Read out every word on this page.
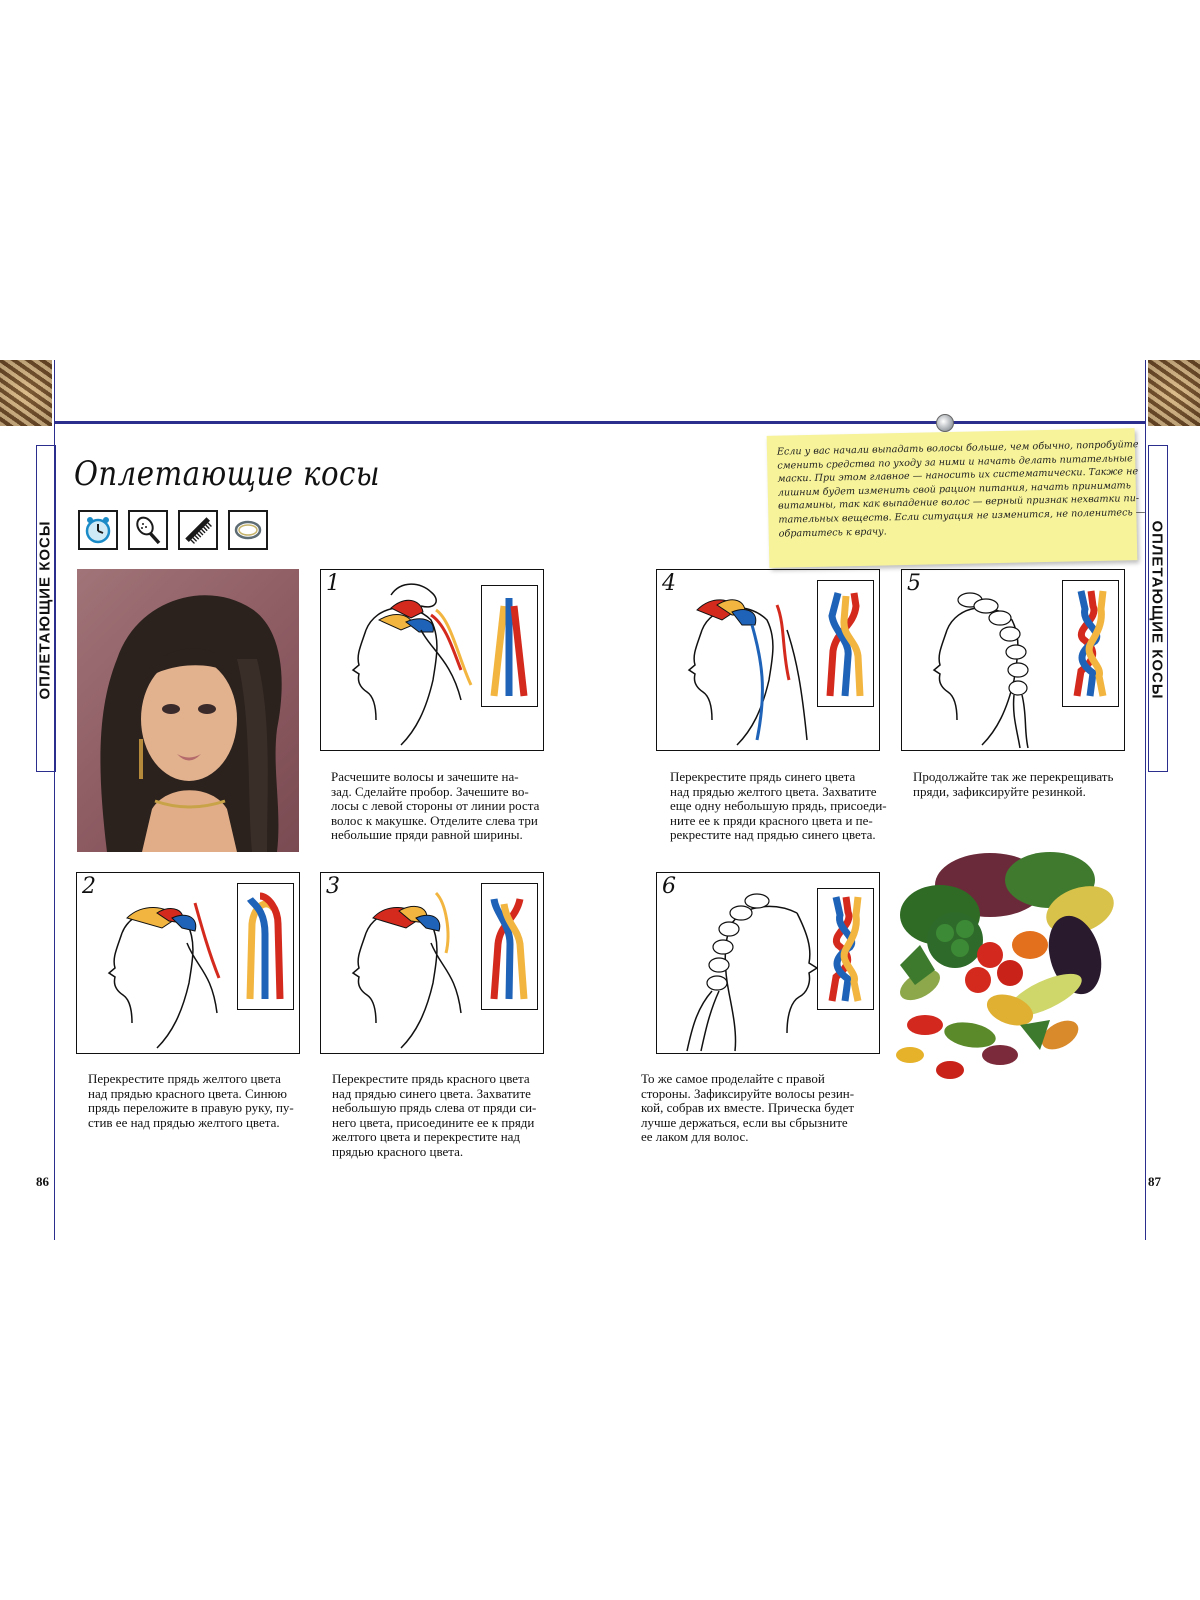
ОПЛЕТАЮЩИЕ КОСЫ	ОПЛЕТАЮЩИЕ КОСЫ
Оплетающие косы
1
Расчешите волосы и зачешите на-
зад. Сделайте пробор. Зачешите во-
лосы с левой стороны от линии роста
волос к макушке. Отделите слева три
небольшие пряди равной ширины.
2
Перекрестите прядь желтого цвета
над прядью красного цвета. Синюю
прядь переложите в правую руку, пу-
стив ее над прядью желтого цвета.
3
Перекрестите прядь красного цвета
над прядью синего цвета. Захватите
небольшую прядь слева от пряди си-
него цвета, присоедините ее к пряди
желтого цвета и перекрестите над
прядью красного цвета.
4
Перекрестите прядь синего цвета
над прядью желтого цвета. Захватите
еще одну небольшую прядь, присоеди-
ните ее к пряди красного цвета и пе-
рекрестите над прядью синего цвета.
5
Продолжайте так же перекрещивать
пряди, зафиксируйте резинкой.
6
То же самое проделайте с правой
стороны. Зафиксируйте волосы резин-
кой, собрав их вместе. Прическа будет
лучше держаться, если вы сбрызните
ее лаком для волос.
Если у вас начали выпадать волосы больше, чем обычно, попробуйте
сменить средства по уходу за ними и начать делать питательные
маски. При этом главное — наносить их систематически. Также не
лишним будет изменить свой рацион питания, начать принимать
витамины, так как выпадение волос — верный признак нехватки пи-
тательных веществ. Если ситуация не изменится, не поленитесь —
обратитесь к врачу.
86	87
